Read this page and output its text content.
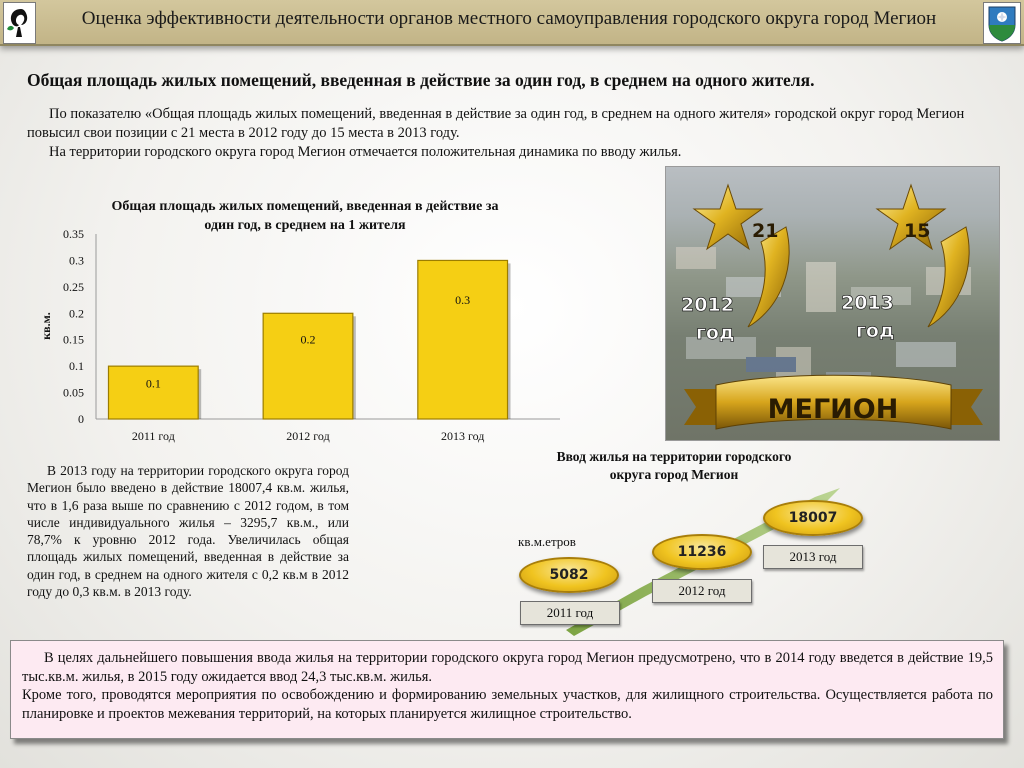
Оценка эффективности деятельности органов местного самоуправления городского округа город Мегион
Общая площадь жилых помещений, введенная в действие за один год, в среднем на одного жителя.

По показателю «Общая площадь жилых помещений, введенная в действие за один год, в среднем на одного жителя» городской округ город Мегион повысил свои позиции с 21 места в 2012 году до 15 места в 2013 году.

На территории городского округа город Мегион отмечается положительная динамика по вводу жилья.

Общая площадь жилых помещений, введенная в действие за один год, в среднем на 1 жителя
0
0.05
0.1
0.15
0.2
0.25
0.3
0.35
кв.м.
0.1
2011 год
0.2
2012 год
0.3
2013 год
21	15
2012
год
2013
год
МЕГИОН

В 2013 году на территории городского округа город Мегион было введено в действие 18007,4 кв.м. жилья, что в 1,6 раза выше по сравнению с 2012 годом, в том числе индивидуального жилья – 3295,7 кв.м., или 78,7% к уровню 2012 года. Увеличилась общая площадь жилых помещений, введенная в действие за один год, в среднем на одного жителя с 0,2 кв.м в 2012 году до 0,3 кв.м. в 2013 году.

Ввод жилья на территории городского округа город Мегион
кв.м.етров
5082
2011 год
11236
2012 год
18007
2013 год

В целях дальнейшего повышения ввода жилья на территории городского округа город Мегион предусмотрено, что в 2014 году введется в действие 19,5 тыс.кв.м. жилья, в 2015 году ожидается ввод 24,3 тыс.кв.м. жилья.

Кроме того, проводятся мероприятия по освобождению и формированию земельных участков, для жилищного строительства. Осуществляется работа по планировке и проектов межевания территорий, на которых планируется жилищное строительство.
